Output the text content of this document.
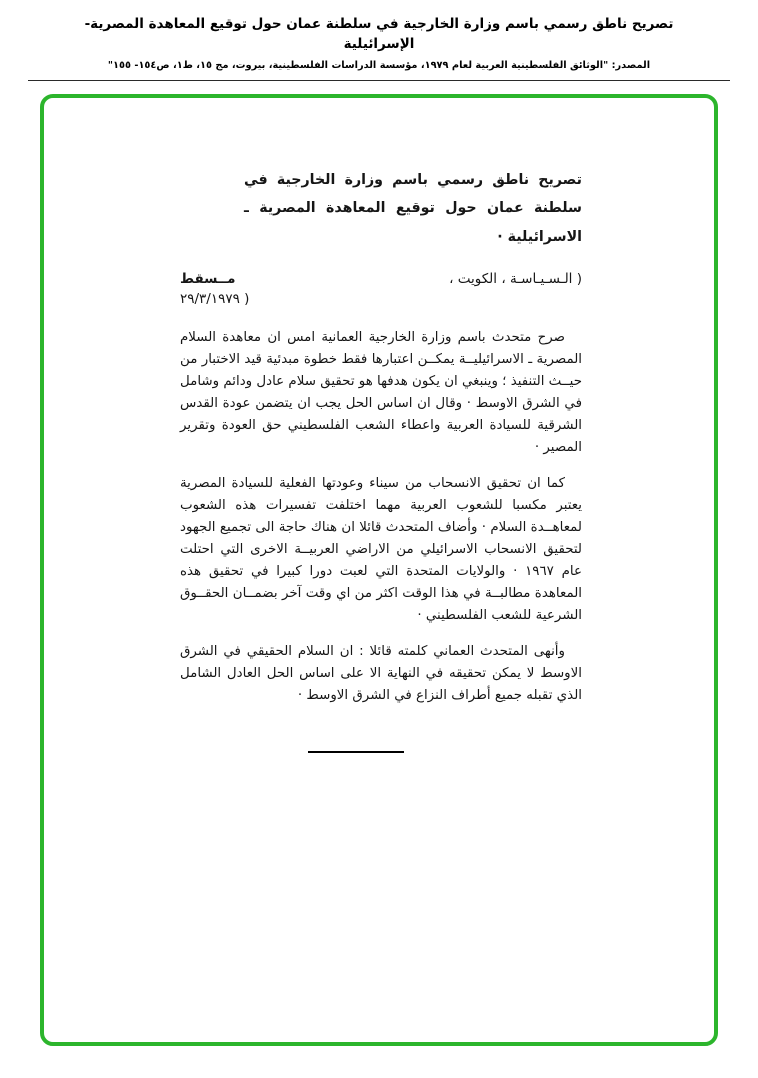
تصريح ناطق رسمي باسم وزارة الخارجية في سلطنة عمان حول توقيع المعاهدة المصرية- الإسرائيلية

المصدر: "الوثائق الفلسطينية العربية لعام ١٩٧٩، مؤسسة الدراسات الفلسطينية، بيروت، مج ١٥، ط١، ص١٥٤- ١٥٥"

تصريح ناطق رسمي باسم وزارة الخارجية في سلطنة عمان حول توقيع المعاهدة المصرية ـ الاسرائيلية ·
مــسقط	( الـسـيـاسـة ، الكويت ،
٢٩/٣/١٩٧٩ )

صرح متحدث باسم وزارة الخارجية العمانية امس ان معاهدة السلام المصرية ـ الاسرائيليــة يمكــن اعتبارها فقط خطوة مبدئية قيد الاختبار من حيــث التنفيذ ؛ وينبغي ان يكون هدفها هو تحقيق سلام عادل ودائم وشامل في الشرق الاوسط · وقال ان اساس الحل يجب ان يتضمن عودة القدس الشرقية للسيادة العربية واعطاء الشعب الفلسطيني حق العودة وتقرير المصير ·

كما ان تحقيق الانسحاب من سيناء وعودتها الفعلية للسيادة المصرية يعتبر مكسبا للشعوب العربية مهما اختلفت تفسيرات هذه الشعوب لمعاهــدة السلام · وأضاف المتحدث قائلا ان هناك حاجة الى تجميع الجهود لتحقيق الانسحاب الاسرائيلي من الاراضي العربيــة الاخرى التي احتلت عام ١٩٦٧ · والولايات المتحدة التي لعبت دورا كبيرا في تحقيق هذه المعاهدة مطالبــة في هذا الوقت اكثر من اي وقت آخر بضمــان الحقــوق الشرعية للشعب الفلسطيني ·

وأنهى المتحدث العماني كلمته قائلا : ان السلام الحقيقي في الشرق الاوسط لا يمكن تحقيقه في النهاية الا على اساس الحل العادل الشامل الذي تقبله جميع أطراف النزاع في الشرق الاوسط ·
